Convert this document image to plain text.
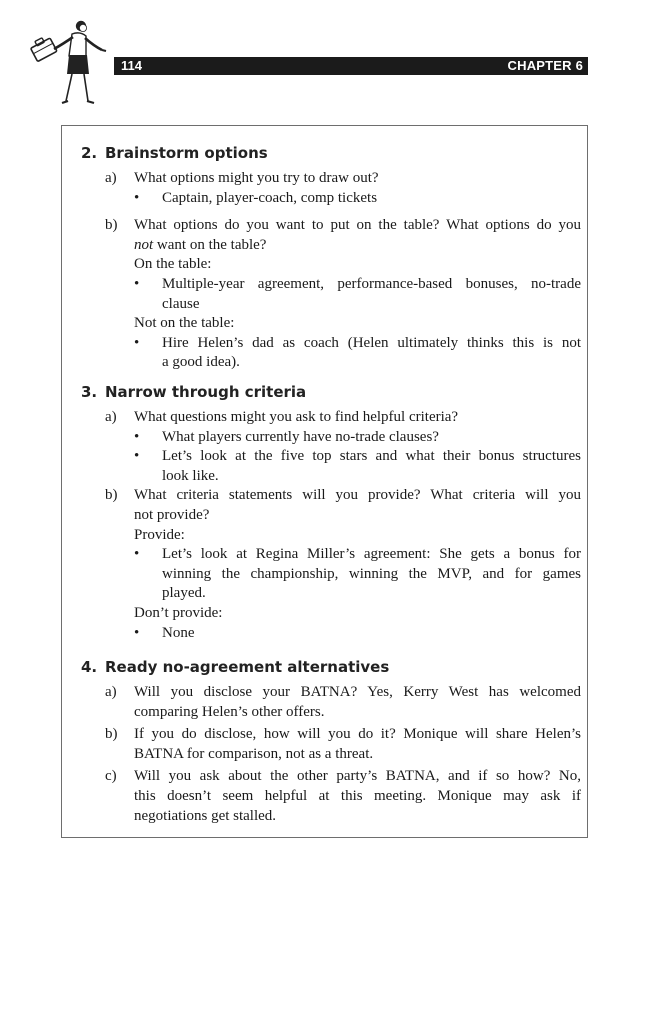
114	CHAPTER 6
2. Brainstorm options
a) What options might you try to draw out?
• Captain, player-coach, comp tickets
b) What options do you want to put on the table? What options do you
not want on the table?
On the table:
• Multiple-year agreement, performance-based bonuses, no-trade
clause
Not on the table:
• Hire Helen’s dad as coach (Helen ultimately thinks this is not
a good idea).
3. Narrow through criteria
a) What questions might you ask to find helpful criteria?
• What players currently have no-trade clauses?
• Let’s look at the five top stars and what their bonus structures
look like.
b) What criteria statements will you provide? What criteria will you
not provide?
Provide:
• Let’s look at Regina Miller’s agreement: She gets a bonus for
winning the championship, winning the MVP, and for games
played.
Don’t provide:
• None
4. Ready no-agreement alternatives
a) Will you disclose your BATNA? Yes, Kerry West has welcomed
comparing Helen’s other offers.
b) If you do disclose, how will you do it? Monique will share Helen’s
BATNA for comparison, not as a threat.
c) Will you ask about the other party’s BATNA, and if so how? No,
this doesn’t seem helpful at this meeting. Monique may ask if
negotiations get stalled.
